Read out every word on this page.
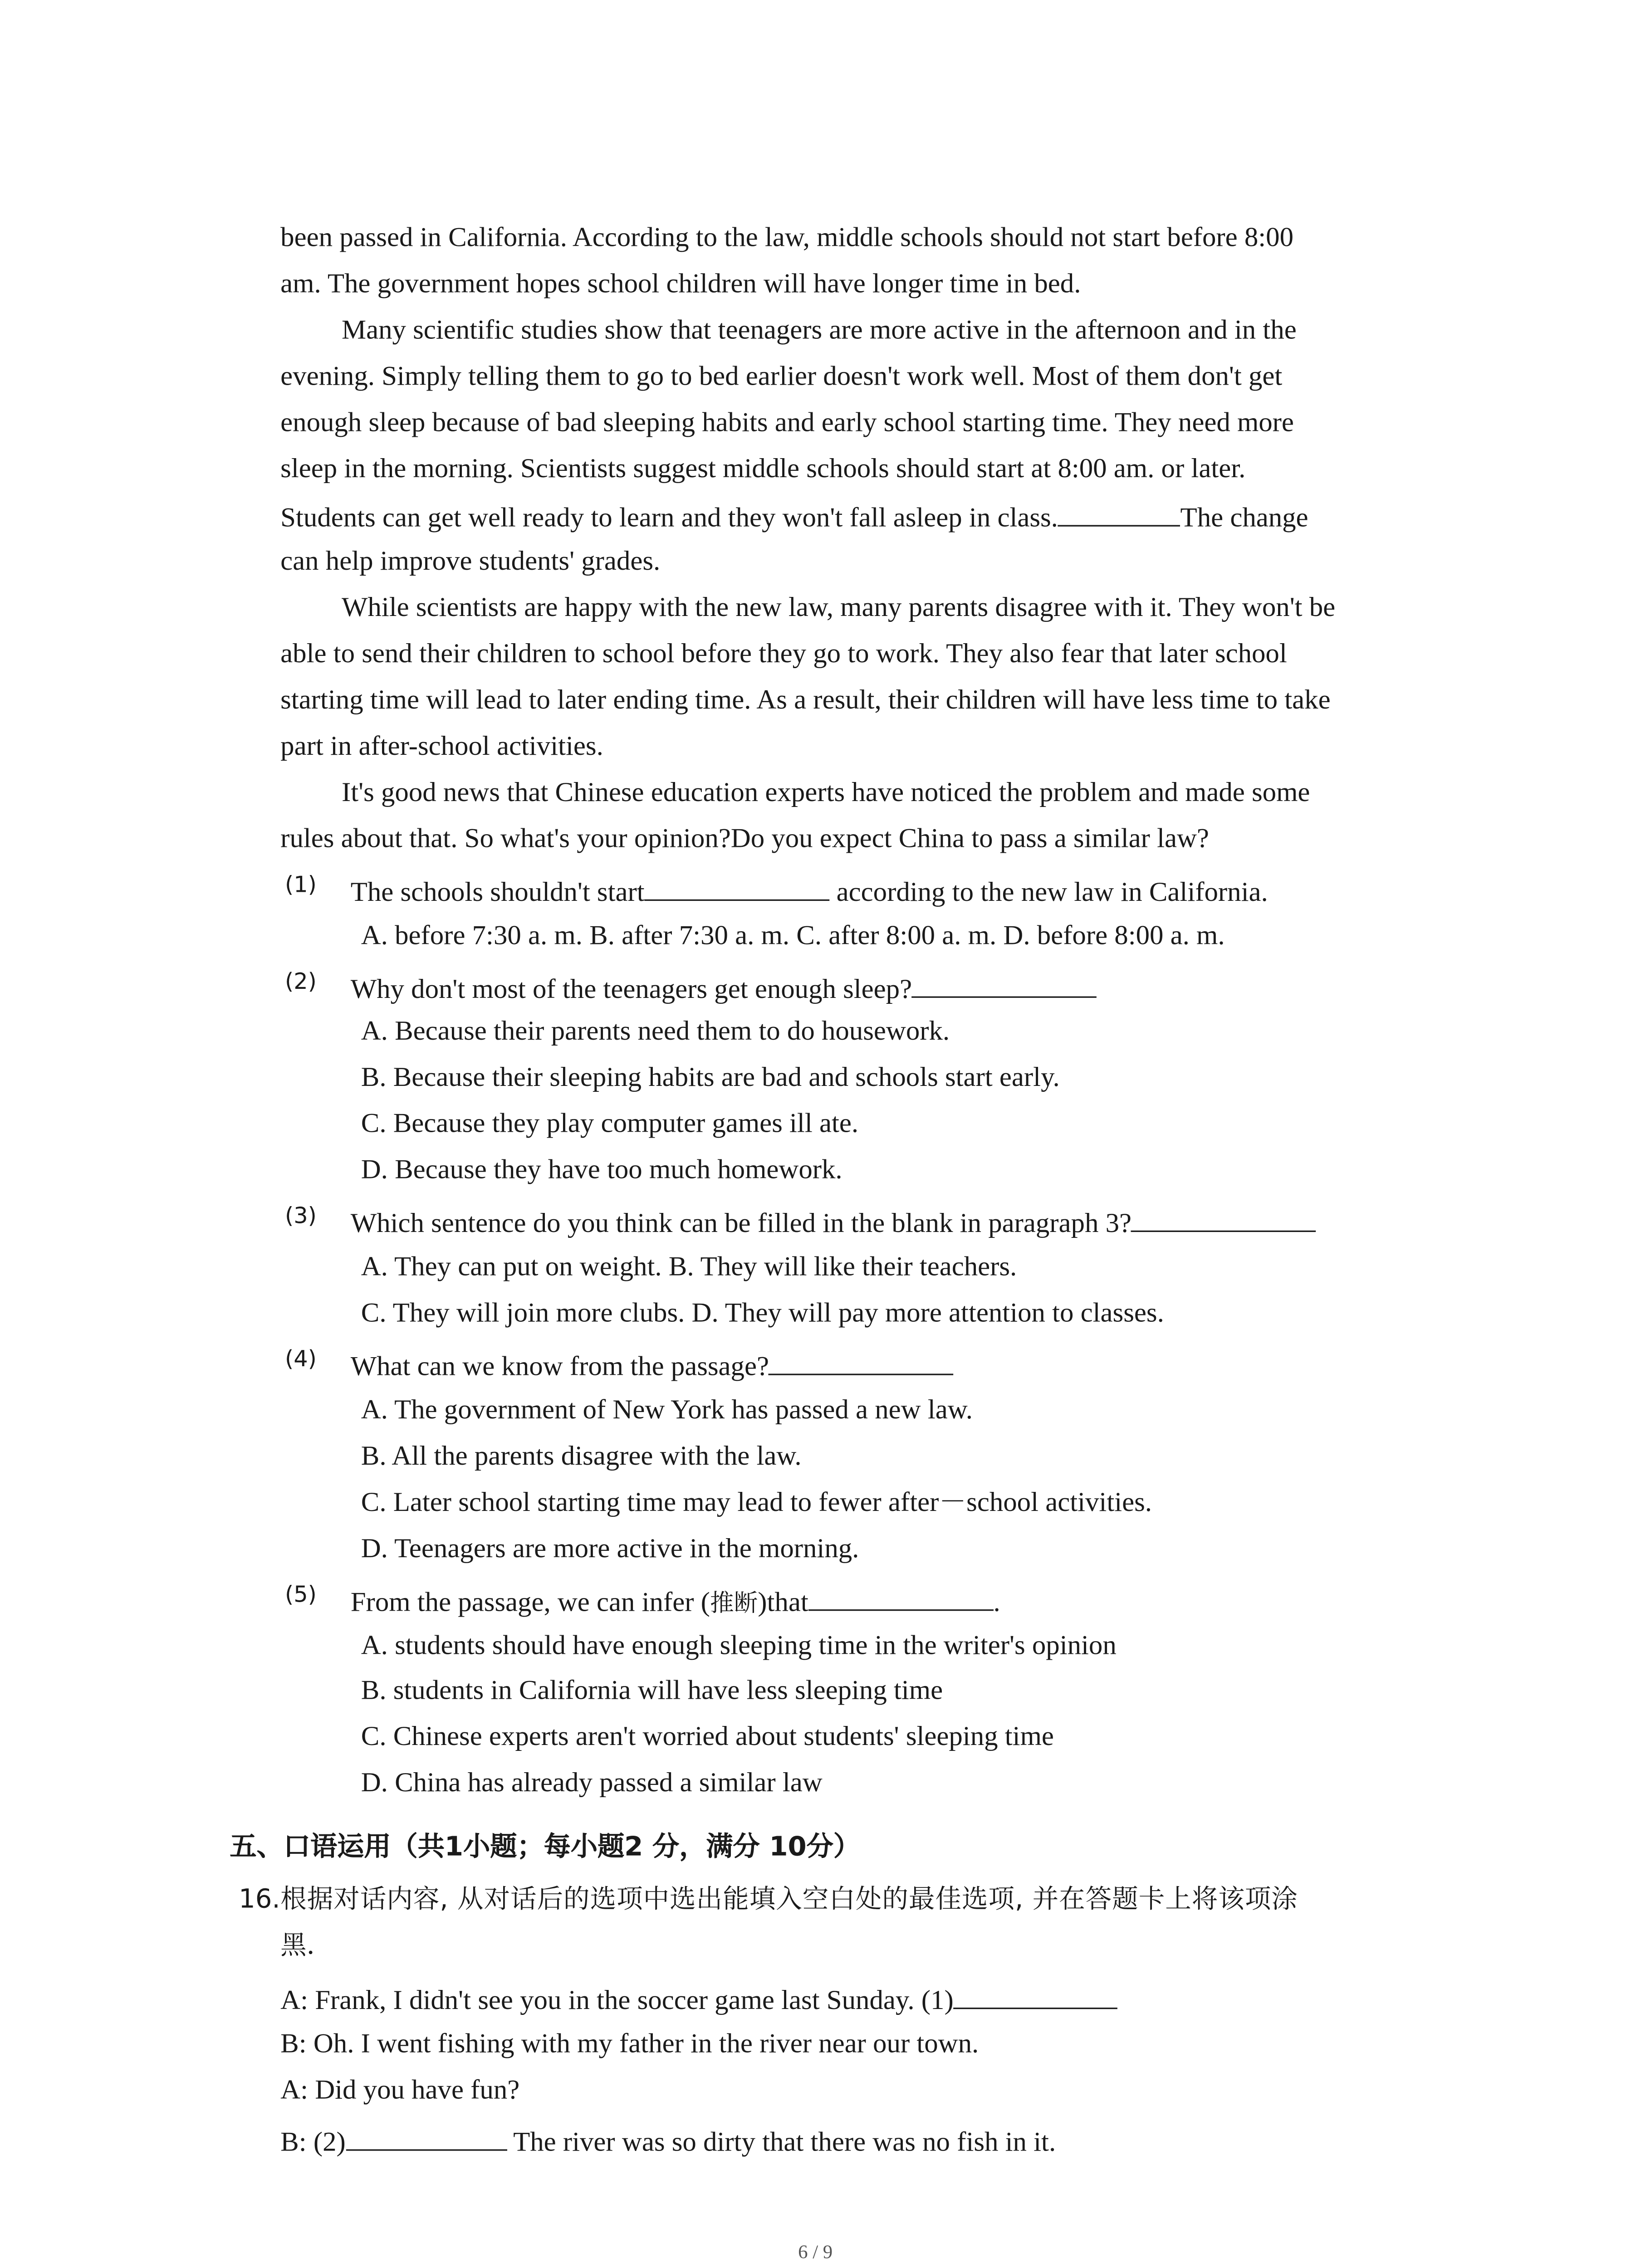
been passed in California. According to the law, middle schools should not start before 8:00
am. The government hopes school children will have longer time in bed.
Many scientific studies show that teenagers are more active in the afternoon and in the
evening. Simply telling them to go to bed earlier doesn't work well. Most of them don't get
enough sleep because of bad sleeping habits and early school starting time. They need more
sleep in the morning. Scientists suggest middle schools should start at 8:00 am. or later.
Students can get well ready to learn and they won't fall asleep in class.	The change
can help improve students' grades.
While scientists are happy with the new law, many parents disagree with it. They won't be
able to send their children to school before they go to work. They also fear that later school
starting time will lead to later ending time. As a result, their children will have less time to take
part in after-school activities.
It's good news that Chinese education experts have noticed the problem and made some
rules about that. So what's your opinion?Do you expect China to pass a similar law?
(1)	The schools shouldn't start	according to the new law in California.
A. before 7:30 a. m. B. after 7:30 a. m. C. after 8:00 a. m. D. before 8:00 a. m.
(2)	Why don't most of the teenagers get enough sleep?
A. Because their parents need them to do housework.
B. Because their sleeping habits are bad and schools start early.
C. Because they play computer games ill ate.
D. Because they have too much homework.
(3)	Which sentence do you think can be filled in the blank in paragraph 3?
A. They can put on weight. B. They will like their teachers.
C. They will join more clubs. D. They will pay more attention to classes.
(4)	What can we know from the passage?
A. The government of New York has passed a new law.
B. All the parents disagree with the law.
C. Later school starting time may lead to fewer after－school activities.
D. Teenagers are more active in the morning.
(5)	From the passage, we can infer (推断)that	.
A. students should have enough sleeping time in the writer's opinion
B. students in California will have less sleeping time
C. Chinese experts aren't worried about students' sleeping time
D. China has already passed a similar law
五、口语运用（共1小题；每小题2 分，满分 10分）
16. 根据对话内容, 从对话后的选项中选出能填入空白处的最佳选项, 并在答题卡上将该项涂
黑．
A: Frank, I didn't see you in the soccer game last Sunday. (1)
B: Oh. I went fishing with my father in the river near our town.
A: Did you have fun?
B: (2)	The river was so dirty that there was no fish in it.
6 / 9
